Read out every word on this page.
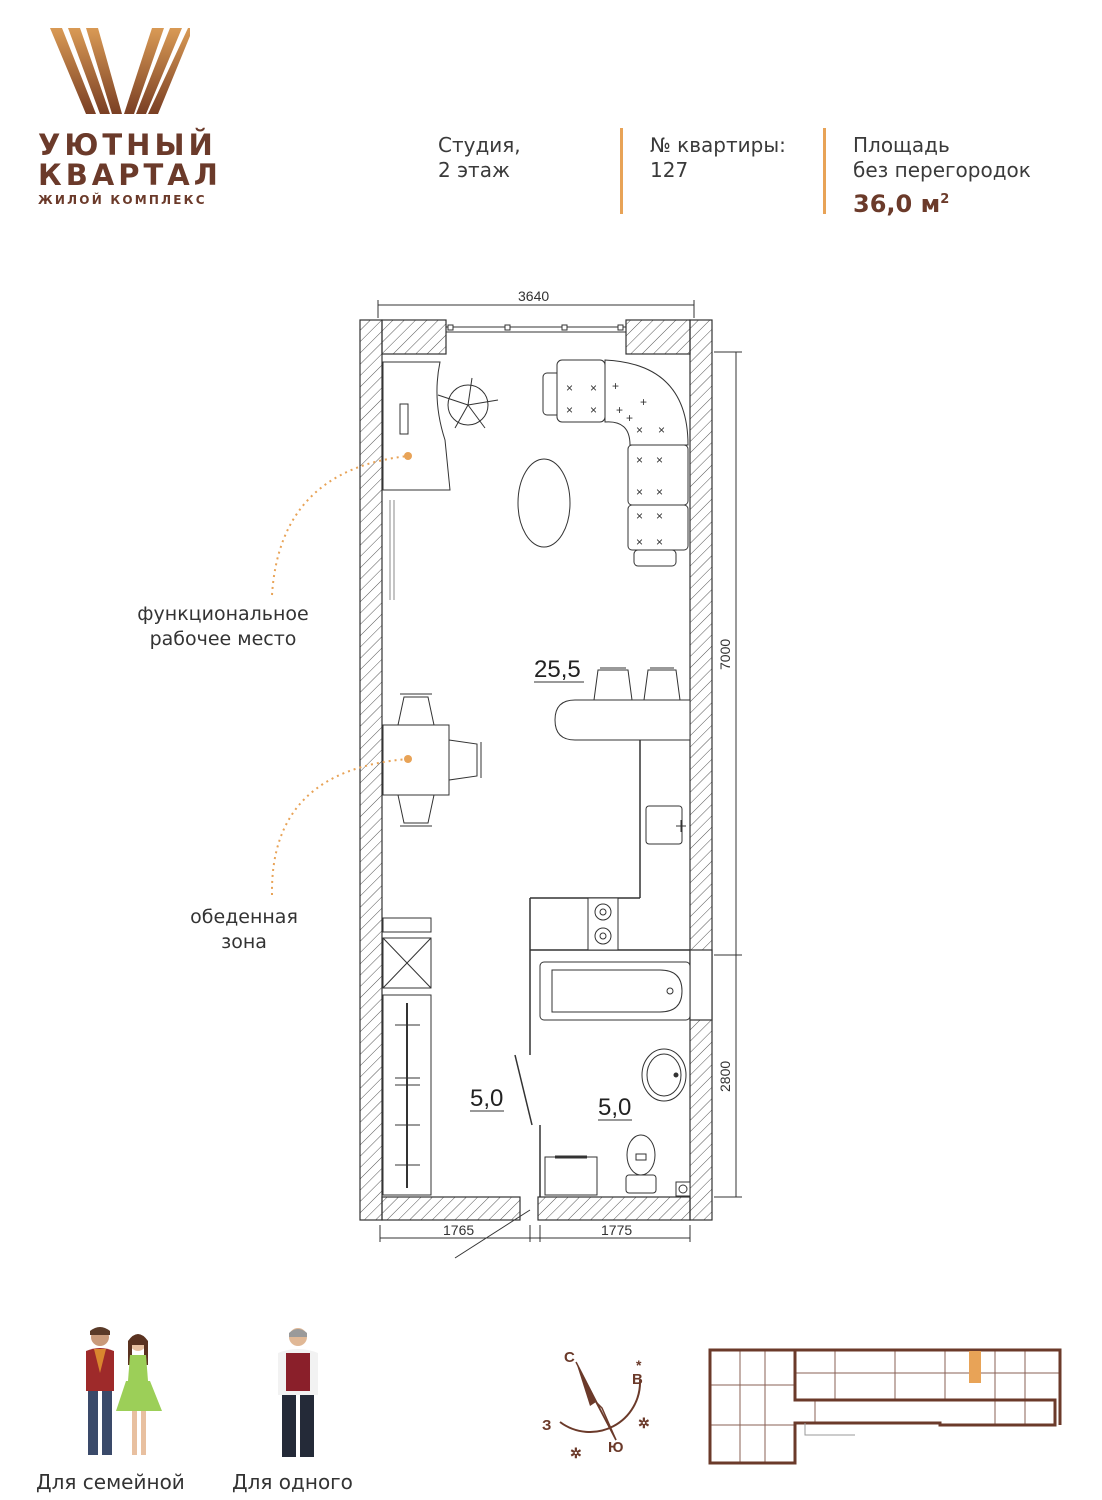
УЮТНЫЙ
КВАРТАЛ
ЖИЛОЙ КОМПЛЕКС
Студия,
2 этаж
№ квартиры:
127
Площадь
без перегородок
36,0 $м^2$
× ×
× ×
+
+
+
+
× ×
× ×
× ×
× ×
× ×
3640
7000
2800
1765	1775
25,5
5,0	5,0
функциональное
рабочее место
обеденная
зона
Для семейной Для одного
*
✲
✲
С
В
З
Ю
